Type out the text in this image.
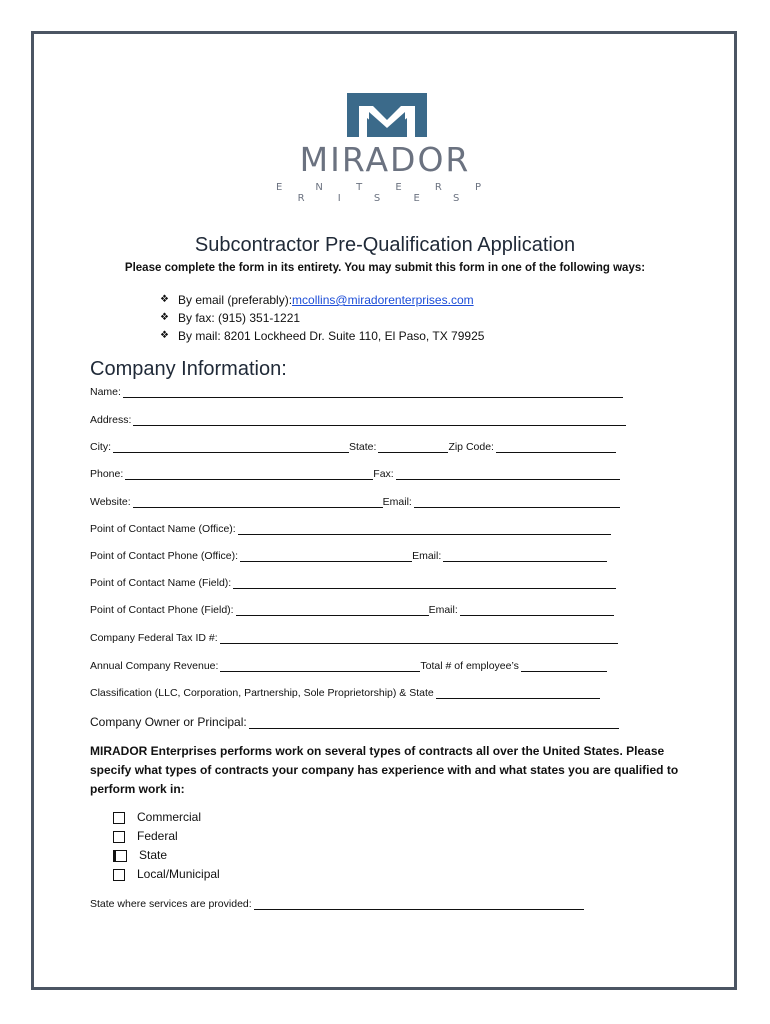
MIRADOR
E N T E R P R I S E S
Subcontractor Pre-Qualification Application
Please complete the form in its entirety. You may submit this form in one of the following ways:
❖ By email (preferably): mcollins@miradorenterprises.com
❖ By fax: (915) 351-1221
❖ By mail: 8201 Lockheed Dr. Suite 110, El Paso, TX 79925
Company Information:
Name:
Address:
City:	State:	Zip Code:
Phone:	Fax:
Website:	Email:
Point of Contact Name (Office):
Point of Contact Phone (Office):	Email:
Point of Contact Name (Field):
Point of Contact Phone (Field):	Email:
Company Federal Tax ID #:
Annual Company Revenue:	Total # of employee’s
Classification (LLC, Corporation, Partnership, Sole Proprietorship) & State
Company Owner or Principal:
MIRADOR Enterprises performs work on several types of contracts all over the United States. Please specify what types of contracts your company has experience with and what states you are qualified to perform work in:
Commercial
Federal
State
Local/Municipal
State where services are provided:
